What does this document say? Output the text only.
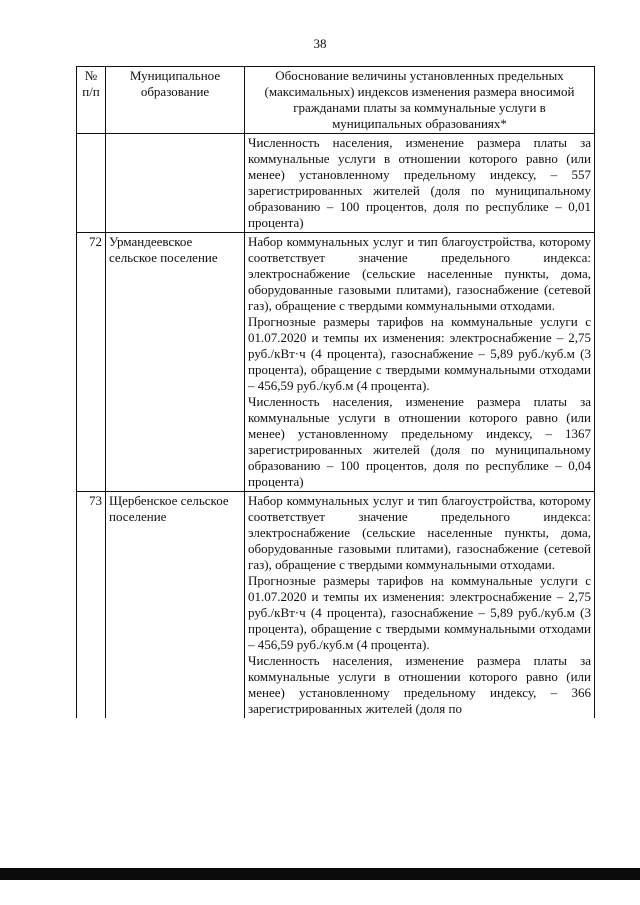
38
№ п/п	Муниципальное образование	Обоснование величины установленных предельных (максимальных) индексов изменения размера вносимой гражданами платы за коммунальные услуги в муниципальных образованиях*

		Численность населения, изменение размера платы за коммунальные услуги в отношении которого равно (или менее) установленному предельному индексу, – 557 зарегистрированных жителей (доля по муниципальному образованию – 100 процентов, доля по республике – 0,01 процента)

72	Урмандеевское сельское поселение	Набор коммунальных услуг и тип благоустройства, которому соответствует значение предельного индекса: электроснабжение (сельские населенные пункты, дома, оборудованные газовыми плитами), газоснабжение (сетевой газ), обращение с твердыми коммунальными отходами.

Прогнозные размеры тарифов на коммунальные услуги с 01.07.2020 и темпы их изменения: электроснабжение – 2,75 руб./кВт·ч (4 процента), газоснабжение – 5,89 руб./куб.м (3 процента), обращение с твердыми коммунальными отходами – 456,59 руб./куб.м (4 процента).

Численность населения, изменение размера платы за коммунальные услуги в отношении которого равно (или менее) установленному предельному индексу, – 1367 зарегистрированных жителей (доля по муниципальному образованию – 100 процентов, доля по республике – 0,04 процента)

73	Щербенское сельское поселение	Набор коммунальных услуг и тип благоустройства, которому соответствует значение предельного индекса: электроснабжение (сельские населенные пункты, дома, оборудованные газовыми плитами), газоснабжение (сетевой газ), обращение с твердыми коммунальными отходами.

Прогнозные размеры тарифов на коммунальные услуги с 01.07.2020 и темпы их изменения: электроснабжение – 2,75 руб./кВт·ч (4 процента), газоснабжение – 5,89 руб./куб.м (3 процента), обращение с твердыми коммунальными отходами – 456,59 руб./куб.м (4 процента).

Численность населения, изменение размера платы за коммунальные услуги в отношении которого равно (или менее) установленному предельному индексу, – 366 зарегистрированных жителей (доля по
